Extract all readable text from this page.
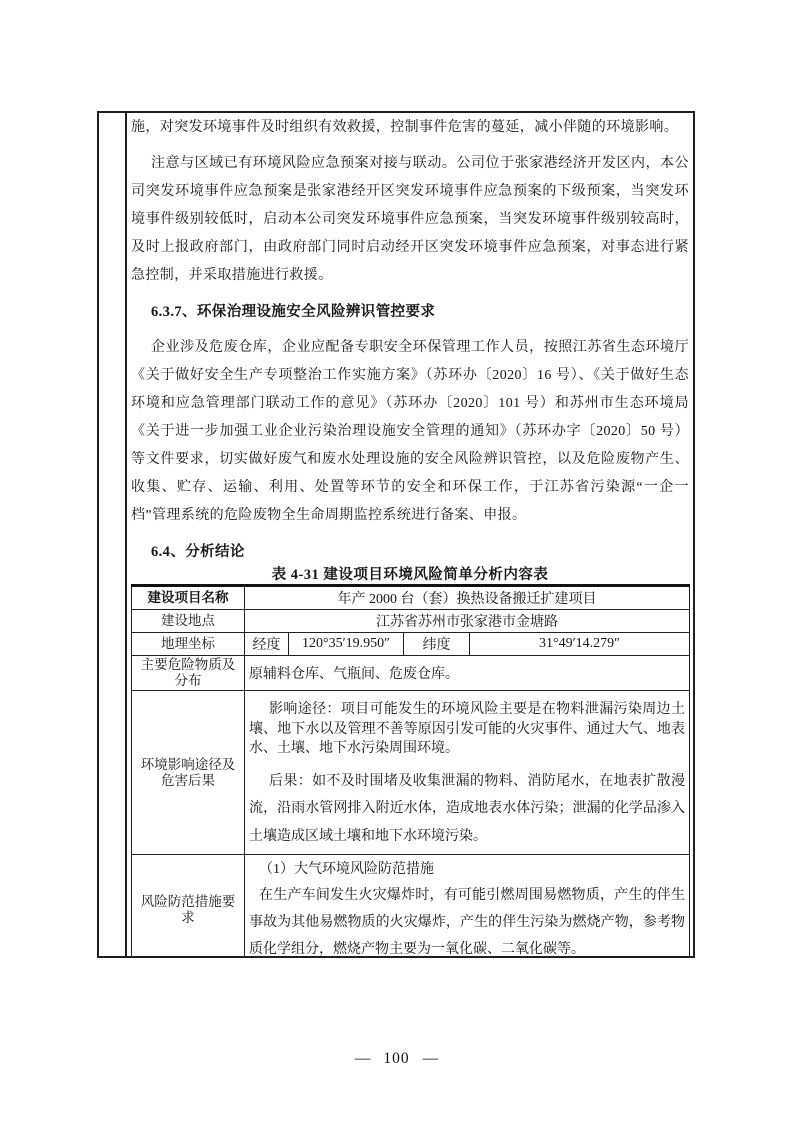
施，对突发环境事件及时组织有效救援，控制事件危害的蔓延，减小伴随的环境影响。

注意与区域已有环境风险应急预案对接与联动。公司位于张家港经济开发区内，本公司突发环境事件应急预案是张家港经开区突发环境事件应急预案的下级预案，当突发环境事件级别较低时，启动本公司突发环境事件应急预案，当突发环境事件级别较高时，及时上报政府部门，由政府部门同时启动经开区突发环境事件应急预案，对事态进行紧急控制，并采取措施进行救援。

6.3.7、环保治理设施安全风险辨识管控要求

企业涉及危废仓库，企业应配备专职安全环保管理工作人员，按照江苏省生态环境厅《关于做好安全生产专项整治工作实施方案》（苏环办〔2020〕16 号）、《关于做好生态环境和应急管理部门联动工作的意见》（苏环办〔2020〕101 号）和苏州市生态环境局《关于进一步加强工业企业污染治理设施安全管理的通知》（苏环办字〔2020〕50 号）等文件要求，切实做好废气和废水处理设施的安全风险辨识管控，以及危险废物产生、收集、贮存、运输、利用、处置等环节的安全和环保工作，于江苏省污染源“一企一档”管理系统的危险废物全生命周期监控系统进行备案、申报。

6.4、分析结论
表 4-31 建设项目环境风险简单分析内容表
建设项目名称	年产 2000 台（套）换热设备搬迁扩建项目			
建设地点	江苏省苏州市张家港市金塘路			
地理坐标	经度	120°35′19.950″	纬度	31°49′14.279″
主要危险物质及分布	原辅料仓库、气瓶间、危废仓库。			
环境影响途径及危害后果	影响途径：项目可能发生的环境风险主要是在物料泄漏污染周边土壤、地下水以及管理不善等原因引发可能的火灾事件、通过大气、地表水、土壤、地下水污染周围环境。

后果：如不及时围堵及收集泄漏的物料、消防尾水，在地表扩散漫流，沿雨水管网排入附近水体，造成地表水体污染；泄漏的化学品渗入土壤造成区域土壤和地下水环境污染。			

风险防范措施要求	（1）大气环境风险防范措施

在生产车间发生火灾爆炸时，有可能引燃周围易燃物质，产生的伴生事故为其他易燃物质的火灾爆炸，产生的伴生污染为燃烧产物，参考物质化学组分，燃烧产物主要为一氧化碳、二氧化碳等。			

— 100 —
